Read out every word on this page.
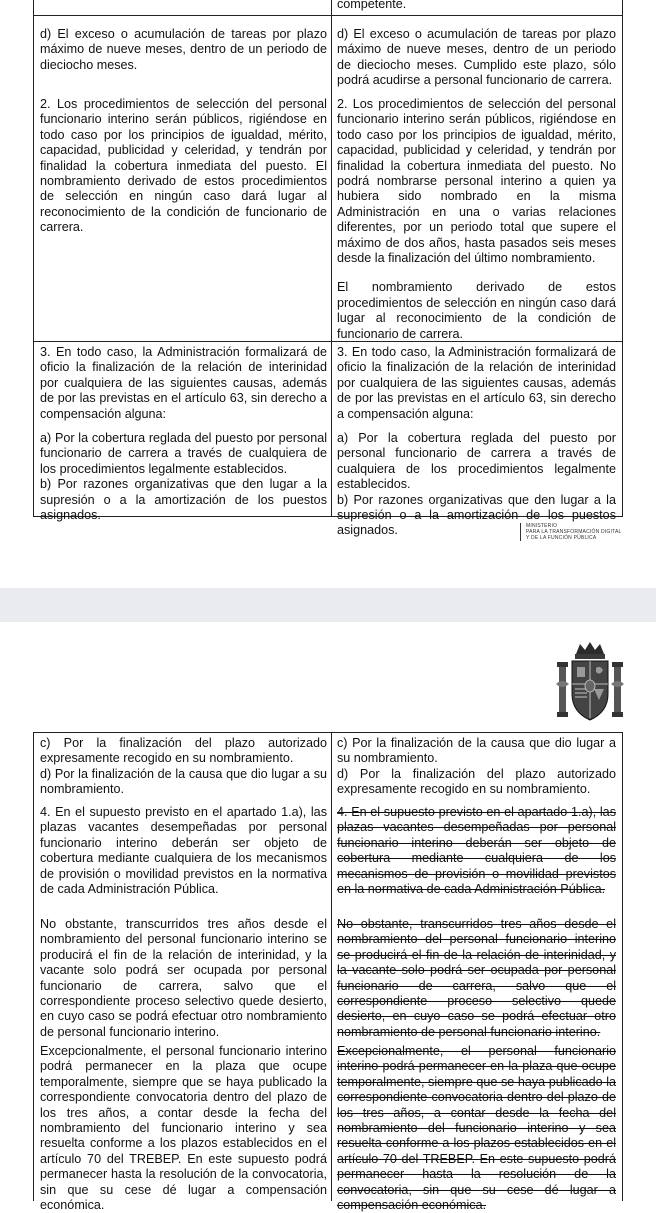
competente.

d) El exceso o acumulación de tareas por plazo máximo de nueve meses, dentro de un periodo de dieciocho meses.

d) El exceso o acumulación de tareas por plazo máximo de nueve meses, dentro de un periodo de dieciocho meses. Cumplido este plazo, sólo podrá acudirse a personal funcionario de carrera.

2. Los procedimientos de selección del personal funcionario interino serán públicos, rigiéndose en todo caso por los principios de igualdad, mérito, capacidad, publicidad y celeridad, y tendrán por finalidad la cobertura inmediata del puesto. El nombramiento derivado de estos procedimientos de selección en ningún caso dará lugar al reconocimiento de la condición de funcionario de carrera.

2. Los procedimientos de selección del personal funcionario interino serán públicos, rigiéndose en todo caso por los principios de igualdad, mérito, capacidad, publicidad y celeridad, y tendrán por finalidad la cobertura inmediata del puesto. No podrá nombrarse personal interino a quien ya hubiera sido nombrado en la misma Administración en una o varias relaciones diferentes, por un periodo total que supere el máximo de dos años, hasta pasados seis meses desde la finalización del último nombramiento.

El nombramiento derivado de estos procedimientos de selección en ningún caso dará lugar al reconocimiento de la condición de funcionario de carrera.

3. En todo caso, la Administración formalizará de oficio la finalización de la relación de interinidad por cualquiera de las siguientes causas, además de por las previstas en el artículo 63, sin derecho a compensación alguna:

3. En todo caso, la Administración formalizará de oficio la finalización de la relación de interinidad por cualquiera de las siguientes causas, además de por las previstas en el artículo 63, sin derecho a compensación alguna:

a) Por la cobertura reglada del puesto por personal funcionario de carrera a través de cualquiera de los procedimientos legalmente establecidos.

b) Por razones organizativas que den lugar a la supresión o a la amortización de los puestos asignados.

a) Por la cobertura reglada del puesto por personal funcionario de carrera a través de cualquiera de los procedimientos legalmente establecidos.

b) Por razones organizativas que den lugar a la supresión o a la amortización de los puestos asignados.	MINISTERIO
PARA LA TRANSFORMACIÓN DIGITAL
Y DE LA FUNCIÓN PÚBLICA

c) Por la finalización del plazo autorizado expresamente recogido en su nombramiento.

d) Por la finalización de la causa que dio lugar a su nombramiento.

c) Por la finalización de la causa que dio lugar a su nombramiento.

d) Por la finalización del plazo autorizado expresamente recogido en su nombramiento.

4. En el supuesto previsto en el apartado 1.a), las plazas vacantes desempeñadas por personal funcionario interino deberán ser objeto de cobertura mediante cualquiera de los mecanismos de provisión o movilidad previstos en la normativa de cada Administración Pública.

4. En el supuesto previsto en el apartado 1.a), las plazas vacantes desempeñadas por personal funcionario interino deberán ser objeto de cobertura mediante cualquiera de los mecanismos de provisión o movilidad previstos en la normativa de cada Administración Pública.

No obstante, transcurridos tres años desde el nombramiento del personal funcionario interino se producirá el fin de la relación de interinidad, y la vacante solo podrá ser ocupada por personal funcionario de carrera, salvo que el correspondiente proceso selectivo quede desierto, en cuyo caso se podrá efectuar otro nombramiento de personal funcionario interino.

No obstante, transcurridos tres años desde el nombramiento del personal funcionario interino se producirá el fin de la relación de interinidad, y la vacante solo podrá ser ocupada por personal funcionario de carrera, salvo que el correspondiente proceso selectivo quede desierto, en cuyo caso se podrá efectuar otro nombramiento de personal funcionario interino.

Excepcionalmente, el personal funcionario interino podrá permanecer en la plaza que ocupe temporalmente, siempre que se haya publicado la correspondiente convocatoria dentro del plazo de los tres años, a contar desde la fecha del nombramiento del funcionario interino y sea resuelta conforme a los plazos establecidos en el artículo 70 del TREBEP. En este supuesto podrá permanecer hasta la resolución de la convocatoria, sin que su cese dé lugar a compensación económica.

Excepcionalmente, el personal funcionario interino podrá permanecer en la plaza que ocupe temporalmente, siempre que se haya publicado la correspondiente convocatoria dentro del plazo de los tres años, a contar desde la fecha del nombramiento del funcionario interino y sea resuelta conforme a los plazos establecidos en el artículo 70 del TREBEP. En este supuesto podrá permanecer hasta la resolución de la convocatoria, sin que su cese dé lugar a compensación económica.
